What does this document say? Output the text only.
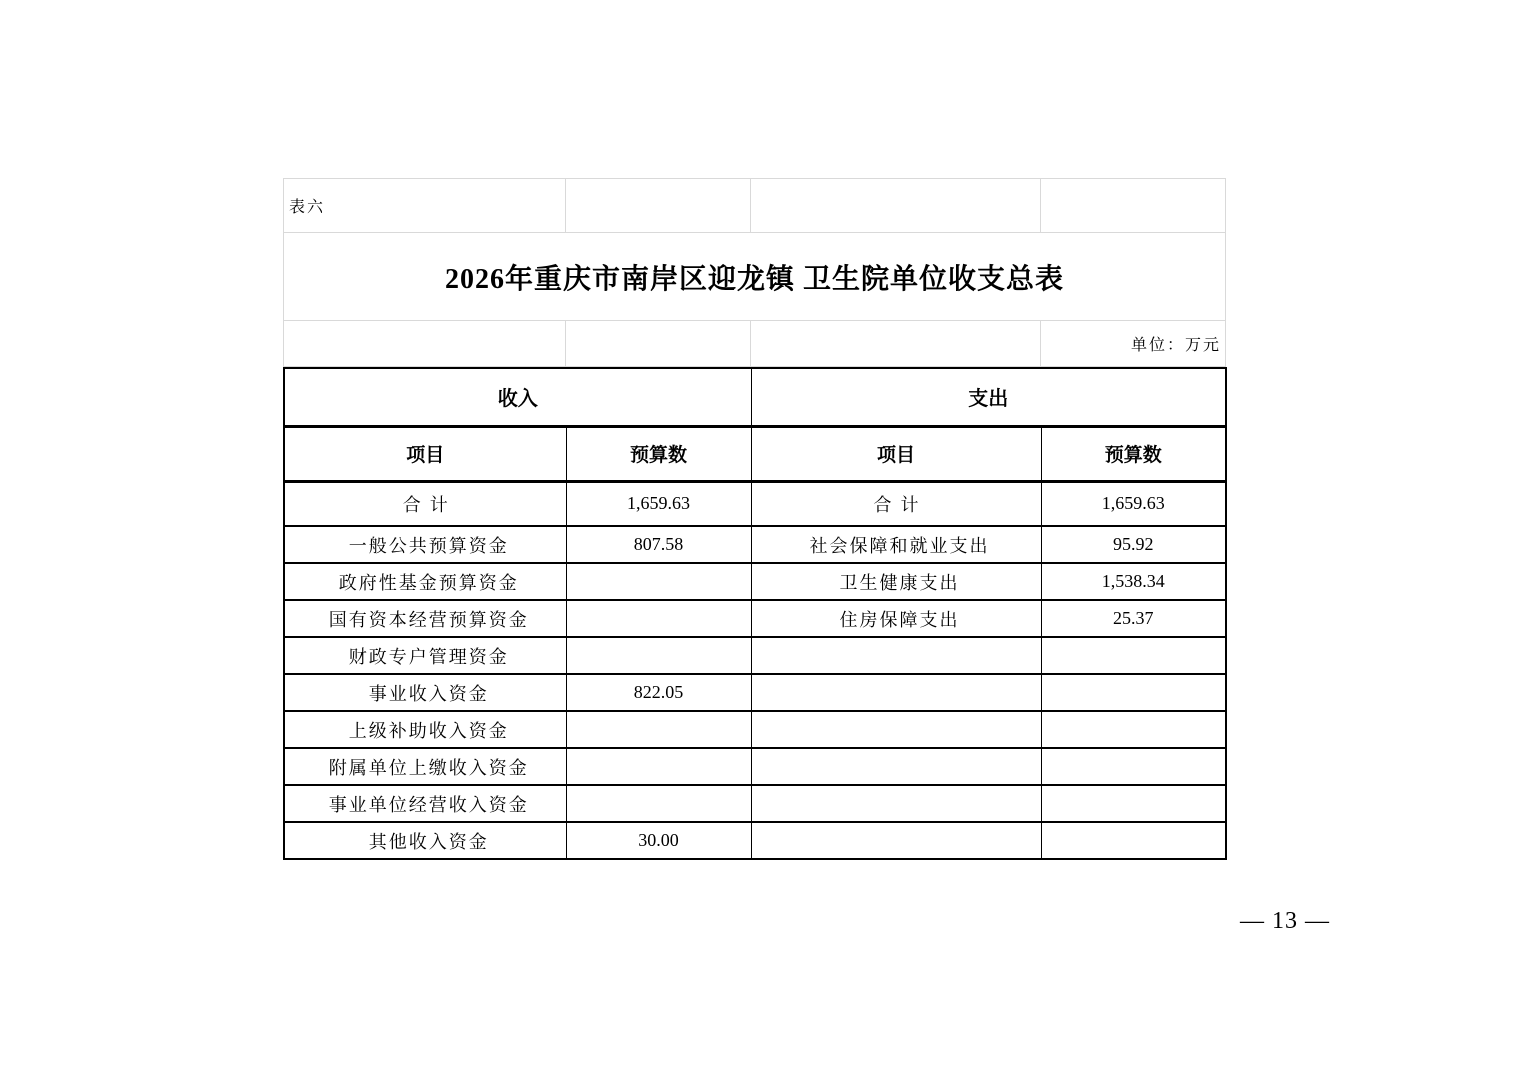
表六			
2026年重庆市南岸区迎龙镇 卫生院单位收支总表			
			单位：万元
收入		支出	
项目	预算数	项目	预算数
合计	1,659.63	合计	1,659.63
一般公共预算资金	807.58	社会保障和就业支出	95.92
政府性基金预算资金		卫生健康支出	1,538.34
国有资本经营预算资金		住房保障支出	25.37
财政专户管理资金			
事业收入资金	822.05		
上级补助收入资金			
附属单位上缴收入资金			
事业单位经营收入资金			
其他收入资金	30.00		
— 13 —
